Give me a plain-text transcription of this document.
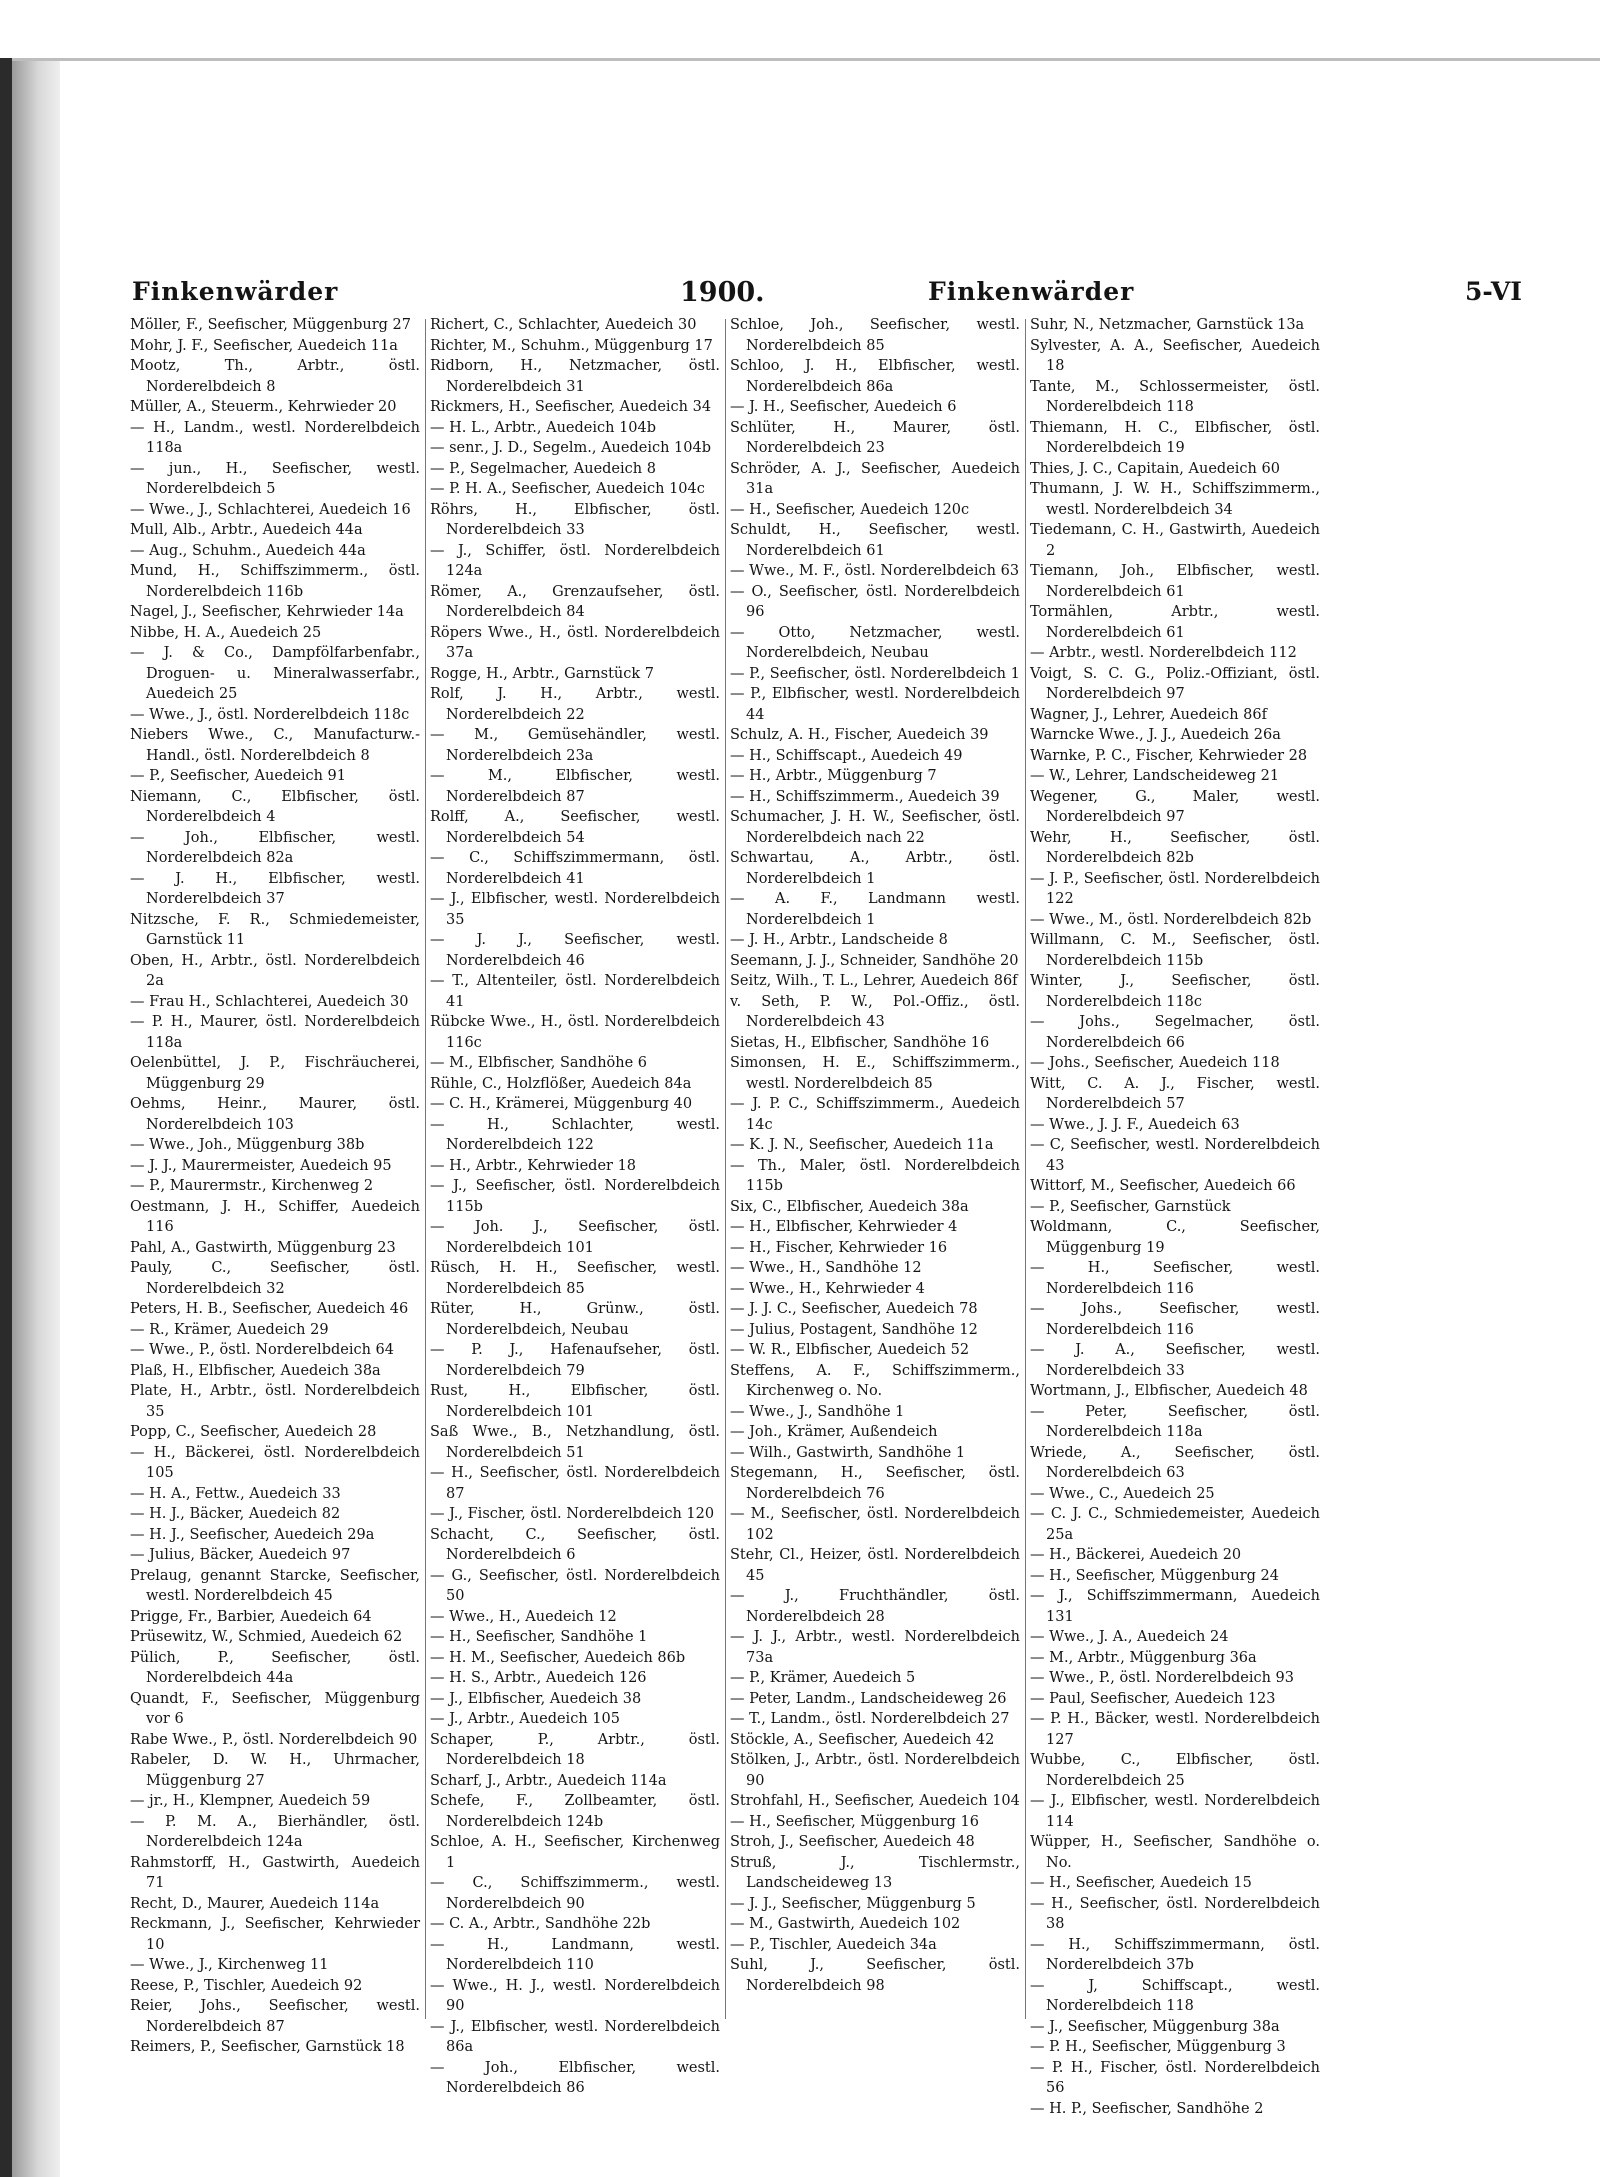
Finkenwärder	1900.	Finkenwärder	5-VI

Möller, F., Seefischer, Müggenburg 27

Mohr, J. F., Seefischer, Auedeich 11a

Mootz, Th., Arbtr., östl. Norderelbdeich 8

Müller, A., Steuerm., Kehrwieder 20

— H., Landm., westl. Norderelbdeich 118a

— jun., H., Seefischer, westl. Norderelbdeich 5

— Wwe., J., Schlachterei, Auedeich 16

Mull, Alb., Arbtr., Auedeich 44a

— Aug., Schuhm., Auedeich 44a

Mund, H., Schiffszimmerm., östl. Norderelbdeich 116b

Nagel, J., Seefischer, Kehrwieder 14a

Nibbe, H. A., Auedeich 25

— J. & Co., Dampfölfarbenfabr., Droguen- u. Mineralwasserfabr., Auedeich 25

— Wwe., J., östl. Norderelbdeich 118c

Niebers Wwe., C., Manufacturw.-Handl., östl. Norderelbdeich 8

— P., Seefischer, Auedeich 91

Niemann, C., Elbfischer, östl. Norderelbdeich 4

— Joh., Elbfischer, westl. Norderelbdeich 82a

— J. H., Elbfischer, westl. Norderelbdeich 37

Nitzsche, F. R., Schmiedemeister, Garnstück 11

Oben, H., Arbtr., östl. Norderelbdeich 2a

— Frau H., Schlachterei, Auedeich 30

— P. H., Maurer, östl. Norderelbdeich 118a

Oelenbüttel, J. P., Fischräucherei, Müggenburg 29

Oehms, Heinr., Maurer, östl. Norderelbdeich 103

— Wwe., Joh., Müggenburg 38b

— J. J., Maurermeister, Auedeich 95

— P., Maurermstr., Kirchenweg 2

Oestmann, J. H., Schiffer, Auedeich 116

Pahl, A., Gastwirth, Müggenburg 23

Pauly, C., Seefischer, östl. Norderelbdeich 32

Peters, H. B., Seefischer, Auedeich 46

— R., Krämer, Auedeich 29

— Wwe., P., östl. Norderelbdeich 64

Plaß, H., Elbfischer, Auedeich 38a

Plate, H., Arbtr., östl. Norderelbdeich 35

Popp, C., Seefischer, Auedeich 28

— H., Bäckerei, östl. Norderelbdeich 105

— H. A., Fettw., Auedeich 33

— H. J., Bäcker, Auedeich 82

— H. J., Seefischer, Auedeich 29a

— Julius, Bäcker, Auedeich 97

Prelaug, genannt Starcke, Seefischer, westl. Norderelbdeich 45

Prigge, Fr., Barbier, Auedeich 64

Prüsewitz, W., Schmied, Auedeich 62

Pülich, P., Seefischer, östl. Norderelbdeich 44a

Quandt, F., Seefischer, Müggenburg vor 6

Rabe Wwe., P., östl. Norderelbdeich 90

Rabeler, D. W. H., Uhrmacher, Müggenburg 27

— jr., H., Klempner, Auedeich 59

— P. M. A., Bierhändler, östl. Norderelbdeich 124a

Rahmstorff, H., Gastwirth, Auedeich 71

Recht, D., Maurer, Auedeich 114a

Reckmann, J., Seefischer, Kehrwieder 10

— Wwe., J., Kirchenweg 11

Reese, P., Tischler, Auedeich 92

Reier, Johs., Seefischer, westl. Norderelbdeich 87

Reimers, P., Seefischer, Garnstück 18

Richert, C., Schlachter, Auedeich 30

Richter, M., Schuhm., Müggenburg 17

Ridborn, H., Netzmacher, östl. Norderelbdeich 31

Rickmers, H., Seefischer, Auedeich 34

— H. L., Arbtr., Auedeich 104b

— senr., J. D., Segelm., Auedeich 104b

— P., Segelmacher, Auedeich 8

— P. H. A., Seefischer, Auedeich 104c

Röhrs, H., Elbfischer, östl. Norderelbdeich 33

— J., Schiffer, östl. Norderelbdeich 124a

Römer, A., Grenzaufseher, östl. Norderelbdeich 84

Röpers Wwe., H., östl. Norderelbdeich 37a

Rogge, H., Arbtr., Garnstück 7

Rolf, J. H., Arbtr., westl. Norderelbdeich 22

— M., Gemüsehändler, westl. Norderelbdeich 23a

— M., Elbfischer, westl. Norderelbdeich 87

Rolff, A., Seefischer, westl. Norderelbdeich 54

— C., Schiffszimmermann, östl. Norderelbdeich 41

— J., Elbfischer, westl. Norderelbdeich 35

— J. J., Seefischer, westl. Norderelbdeich 46

— T., Altenteiler, östl. Norderelbdeich 41

Rübcke Wwe., H., östl. Norderelbdeich 116c

— M., Elbfischer, Sandhöhe 6

Rühle, C., Holzflößer, Auedeich 84a

— C. H., Krämerei, Müggenburg 40

— H., Schlachter, westl. Norderelbdeich 122

— H., Arbtr., Kehrwieder 18

— J., Seefischer, östl. Norderelbdeich 115b

— Joh. J., Seefischer, östl. Norderelbdeich 101

Rüsch, H. H., Seefischer, westl. Norderelbdeich 85

Rüter, H., Grünw., östl. Norderelbdeich, Neubau

— P. J., Hafenaufseher, östl. Norderelbdeich 79

Rust, H., Elbfischer, östl. Norderelbdeich 101

Saß Wwe., B., Netzhandlung, östl. Norderelbdeich 51

— H., Seefischer, östl. Norderelbdeich 87

— J., Fischer, östl. Norderelbdeich 120

Schacht, C., Seefischer, östl. Norderelbdeich 6

— G., Seefischer, östl. Norderelbdeich 50

— Wwe., H., Auedeich 12

— H., Seefischer, Sandhöhe 1

— H. M., Seefischer, Auedeich 86b

— H. S., Arbtr., Auedeich 126

— J., Elbfischer, Auedeich 38

— J., Arbtr., Auedeich 105

Schaper, P., Arbtr., östl. Norderelbdeich 18

Scharf, J., Arbtr., Auedeich 114a

Schefe, F., Zollbeamter, östl. Norderelbdeich 124b

Schloe, A. H., Seefischer, Kirchenweg 1

— C., Schiffszimmerm., westl. Norderelbdeich 90

— C. A., Arbtr., Sandhöhe 22b

— H., Landmann, westl. Norderelbdeich 110

— Wwe., H. J., westl. Norderelbdeich 90

— J., Elbfischer, westl. Norderelbdeich 86a

— Joh., Elbfischer, westl. Norderelbdeich 86

Schloe, Joh., Seefischer, westl. Norderelbdeich 85

Schloo, J. H., Elbfischer, westl. Norderelbdeich 86a

— J. H., Seefischer, Auedeich 6

Schlüter, H., Maurer, östl. Norderelbdeich 23

Schröder, A. J., Seefischer, Auedeich 31a

— H., Seefischer, Auedeich 120c

Schuldt, H., Seefischer, westl. Norderelbdeich 61

— Wwe., M. F., östl. Norderelbdeich 63

— O., Seefischer, östl. Norderelbdeich 96

— Otto, Netzmacher, westl. Norderelbdeich, Neubau

— P., Seefischer, östl. Norderelbdeich 1

— P., Elbfischer, westl. Norderelbdeich 44

Schulz, A. H., Fischer, Auedeich 39

— H., Schiffscapt., Auedeich 49

— H., Arbtr., Müggenburg 7

— H., Schiffszimmerm., Auedeich 39

Schumacher, J. H. W., Seefischer, östl. Norderelbdeich nach 22

Schwartau, A., Arbtr., östl. Norderelbdeich 1

— A. F., Landmann westl. Norderelbdeich 1

— J. H., Arbtr., Landscheide 8

Seemann, J. J., Schneider, Sandhöhe 20

Seitz, Wilh., T. L., Lehrer, Auedeich 86f

v. Seth, P. W., Pol.-Offiz., östl. Norderelbdeich 43

Sietas, H., Elbfischer, Sandhöhe 16

Simonsen, H. E., Schiffszimmerm., westl. Norderelbdeich 85

— J. P. C., Schiffszimmerm., Auedeich 14c

— K. J. N., Seefischer, Auedeich 11a

— Th., Maler, östl. Norderelbdeich 115b

Six, C., Elbfischer, Auedeich 38a

— H., Elbfischer, Kehrwieder 4

— H., Fischer, Kehrwieder 16

— Wwe., H., Sandhöhe 12

— Wwe., H., Kehrwieder 4

— J. J. C., Seefischer, Auedeich 78

— Julius, Postagent, Sandhöhe 12

— W. R., Elbfischer, Auedeich 52

Steffens, A. F., Schiffszimmerm., Kirchenweg o. No.

— Wwe., J., Sandhöhe 1

— Joh., Krämer, Außendeich

— Wilh., Gastwirth, Sandhöhe 1

Stegemann, H., Seefischer, östl. Norderelbdeich 76

— M., Seefischer, östl. Norderelbdeich 102

Stehr, Cl., Heizer, östl. Norderelbdeich 45

— J., Fruchthändler, östl. Norderelbdeich 28

— J. J., Arbtr., westl. Norderelbdeich 73a

— P., Krämer, Auedeich 5

— Peter, Landm., Landscheideweg 26

— T., Landm., östl. Norderelbdeich 27

Stöckle, A., Seefischer, Auedeich 42

Stölken, J., Arbtr., östl. Norderelbdeich 90

Strohfahl, H., Seefischer, Auedeich 104

— H., Seefischer, Müggenburg 16

Stroh, J., Seefischer, Auedeich 48

Struß, J., Tischlermstr., Landscheideweg 13

— J. J., Seefischer, Müggenburg 5

— M., Gastwirth, Auedeich 102

— P., Tischler, Auedeich 34a

Suhl, J., Seefischer, östl. Norderelbdeich 98

Suhr, N., Netzmacher, Garnstück 13a

Sylvester, A. A., Seefischer, Auedeich 18

Tante, M., Schlossermeister, östl. Norderelbdeich 118

Thiemann, H. C., Elbfischer, östl. Norderelbdeich 19

Thies, J. C., Capitain, Auedeich 60

Thumann, J. W. H., Schiffszimmerm., westl. Norderelbdeich 34

Tiedemann, C. H., Gastwirth, Auedeich 2

Tiemann, Joh., Elbfischer, westl. Norderelbdeich 61

Tormählen, Arbtr., westl. Norderelbdeich 61

— Arbtr., westl. Norderelbdeich 112

Voigt, S. C. G., Poliz.-Offiziant, östl. Norderelbdeich 97

Wagner, J., Lehrer, Auedeich 86f

Warncke Wwe., J. J., Auedeich 26a

Warnke, P. C., Fischer, Kehrwieder 28

— W., Lehrer, Landscheideweg 21

Wegener, G., Maler, westl. Norderelbdeich 97

Wehr, H., Seefischer, östl. Norderelbdeich 82b

— J. P., Seefischer, östl. Norderelbdeich 122

— Wwe., M., östl. Norderelbdeich 82b

Willmann, C. M., Seefischer, östl. Norderelbdeich 115b

Winter, J., Seefischer, östl. Norderelbdeich 118c

— Johs., Segelmacher, östl. Norderelbdeich 66

— Johs., Seefischer, Auedeich 118

Witt, C. A. J., Fischer, westl. Norderelbdeich 57

— Wwe., J. J. F., Auedeich 63

— C, Seefischer, westl. Norderelbdeich 43

Wittorf, M., Seefischer, Auedeich 66

— P., Seefischer, Garnstück

Woldmann, C., Seefischer, Müggenburg 19

— H., Seefischer, westl. Norderelbdeich 116

— Johs., Seefischer, westl. Norderelbdeich 116

— J. A., Seefischer, westl. Norderelbdeich 33

Wortmann, J., Elbfischer, Auedeich 48

— Peter, Seefischer, östl. Norderelbdeich 118a

Wriede, A., Seefischer, östl. Norderelbdeich 63

— Wwe., C., Auedeich 25

— C. J. C., Schmiedemeister, Auedeich 25a

— H., Bäckerei, Auedeich 20

— H., Seefischer, Müggenburg 24

— J., Schiffszimmermann, Auedeich 131

— Wwe., J. A., Auedeich 24

— M., Arbtr., Müggenburg 36a

— Wwe., P., östl. Norderelbdeich 93

— Paul, Seefischer, Auedeich 123

— P. H., Bäcker, westl. Norderelbdeich 127

Wubbe, C., Elbfischer, östl. Norderelbdeich 25

— J., Elbfischer, westl. Norderelbdeich 114

Wüpper, H., Seefischer, Sandhöhe o. No.

— H., Seefischer, Auedeich 15

— H., Seefischer, östl. Norderelbdeich 38

— H., Schiffszimmermann, östl. Norderelbdeich 37b

— J, Schiffscapt., westl. Norderelbdeich 118

— J., Seefischer, Müggenburg 38a

— P. H., Seefischer, Müggenburg 3

— P. H., Fischer, östl. Norderelbdeich 56

— H. P., Seefischer, Sandhöhe 2
